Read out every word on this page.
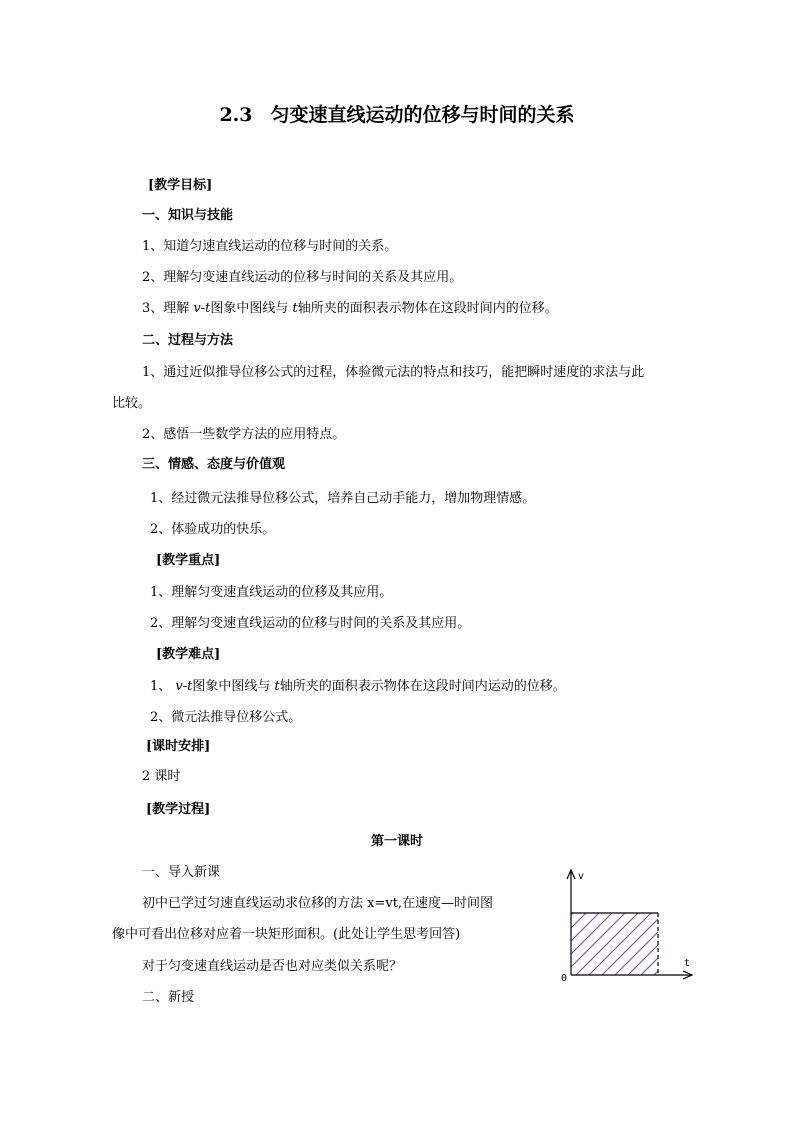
2.3 匀变速直线运动的位移与时间的关系
[教学目标]
一、知识与技能
1、知道匀速直线运动的位移与时间的关系。
2、理解匀变速直线运动的位移与时间的关系及其应用。
3、理解 v-t图象中图线与 t轴所夹的面积表示物体在这段时间内的位移。
二、过程与方法
1、通过近似推导位移公式的过程，体验微元法的特点和技巧，能把瞬时速度的求法与此
比较。
2、感悟一些数学方法的应用特点。
三、情感、态度与价值观
1、经过微元法推导位移公式，培养自己动手能力，增加物理情感。
2、体验成功的快乐。
[教学重点]
1、理解匀变速直线运动的位移及其应用。
2、理解匀变速直线运动的位移与时间的关系及其应用。
[教学难点]
1、 v-t图象中图线与 t轴所夹的面积表示物体在这段时间内运动的位移。
2、微元法推导位移公式。
[课时安排]
2 课时
[教学过程]
第一课时
一、导入新课
初中已学过匀速直线运动求位移的方法 x=vt,在速度—时间图
像中可看出位移对应着一块矩形面积。(此处让学生思考回答)
对于匀变速直线运动是否也对应类似关系呢？
二、新授
v
t
0
